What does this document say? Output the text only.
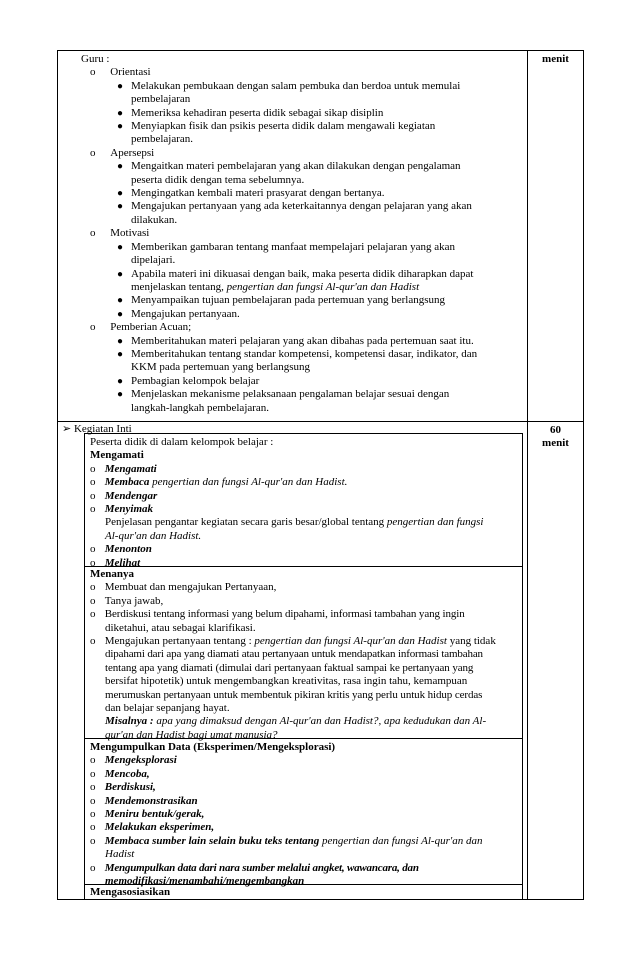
menit
60
menit
Guru :
o Orientasi
● Melakukan pembukaan dengan salam pembuka dan berdoa untuk memulai
pembelajaran
● Memeriksa kehadiran peserta didik sebagai sikap disiplin
● Menyiapkan fisik dan psikis peserta didik dalam mengawali kegiatan
pembelajaran.
o Apersepsi
● Mengaitkan materi pembelajaran yang akan dilakukan dengan pengalaman
peserta didik dengan tema sebelumnya.
● Mengingatkan kembali materi prasyarat dengan bertanya.
● Mengajukan pertanyaan yang ada keterkaitannya dengan pelajaran yang akan
dilakukan.
o Motivasi
● Memberikan gambaran tentang manfaat mempelajari pelajaran yang akan
dipelajari.
● Apabila materi ini dikuasai dengan baik, maka peserta didik diharapkan dapat
menjelaskan tentang, pengertian dan fungsi Al-qur'an dan Hadist
● Menyampaikan tujuan pembelajaran pada pertemuan yang berlangsung
● Mengajukan pertanyaan.
o Pemberian Acuan;
● Memberitahukan materi pelajaran yang akan dibahas pada pertemuan saat itu.
● Memberitahukan tentang standar kompetensi, kompetensi dasar, indikator, dan
KKM pada pertemuan yang berlangsung
● Pembagian kelompok belajar
● Menjelaskan mekanisme pelaksanaan pengalaman belajar sesuai dengan
langkah-langkah pembelajaran.
➢ Kegiatan Inti
Peserta didik di dalam kelompok belajar :
Mengamati
o Mengamati
o Membaca pengertian dan fungsi Al-qur'an dan Hadist.
o Mendengar
o Menyimak
Penjelasan pengantar kegiatan secara garis besar/global tentang pengertian dan fungsi
Al-qur'an dan Hadist.
o Menonton
o Melihat
Menanya
o Membuat dan mengajukan Pertanyaan,
o Tanya jawab,
o Berdiskusi tentang informasi yang belum dipahami, informasi tambahan yang ingin
diketahui, atau sebagai klarifikasi.
o Mengajukan pertanyaan tentang : pengertian dan fungsi Al-qur'an dan Hadist yang tidak
dipahami dari apa yang diamati atau pertanyaan untuk mendapatkan informasi tambahan
tentang apa yang diamati (dimulai dari pertanyaan faktual sampai ke pertanyaan yang
bersifat hipotetik) untuk mengembangkan kreativitas, rasa ingin tahu, kemampuan
merumuskan pertanyaan untuk membentuk pikiran kritis yang perlu untuk hidup cerdas
dan belajar sepanjang hayat.
Misalnya : apa yang dimaksud dengan Al-qur'an dan Hadist?, apa kedudukan dan Al-
qur'an dan Hadist bagi umat manusia?
Mengumpulkan Data (Eksperimen/Mengeksplorasi)
o Mengeksplorasi
o Mencoba,
o Berdiskusi,
o Mendemonstrasikan
o Meniru bentuk/gerak,
o Melakukan eksperimen,
o Membaca sumber lain selain buku teks tentang pengertian dan fungsi Al-qur'an dan
Hadist
o Mengumpulkan data dari nara sumber melalui angket, wawancara, dan
memodifikasi/menambahi/mengembangkan
Mengasosiasikan
